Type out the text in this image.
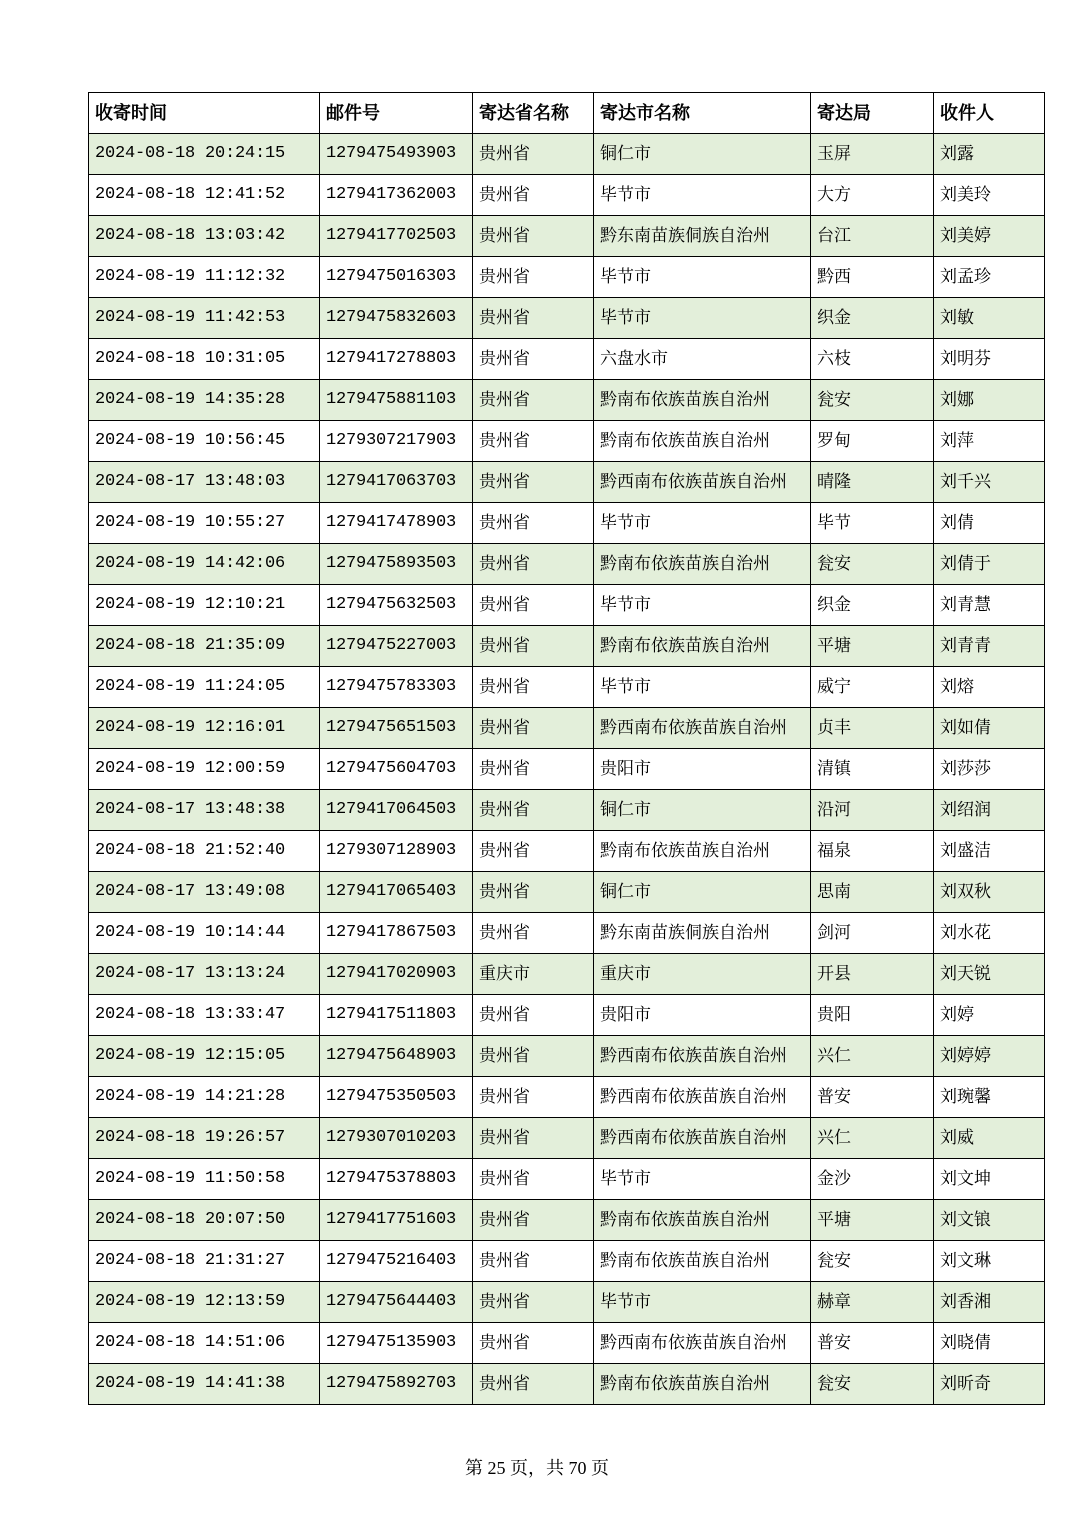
收寄时间	邮件号	寄达省名称	寄达市名称	寄达局	收件人
2024-08-18 20:24:15	1279475493903	贵州省	铜仁市	玉屏	刘露
2024-08-18 12:41:52	1279417362003	贵州省	毕节市	大方	刘美玲
2024-08-18 13:03:42	1279417702503	贵州省	黔东南苗族侗族自治州	台江	刘美婷
2024-08-19 11:12:32	1279475016303	贵州省	毕节市	黔西	刘孟珍
2024-08-19 11:42:53	1279475832603	贵州省	毕节市	织金	刘敏
2024-08-18 10:31:05	1279417278803	贵州省	六盘水市	六枝	刘明芬
2024-08-19 14:35:28	1279475881103	贵州省	黔南布依族苗族自治州	瓮安	刘娜
2024-08-19 10:56:45	1279307217903	贵州省	黔南布依族苗族自治州	罗甸	刘萍
2024-08-17 13:48:03	1279417063703	贵州省	黔西南布依族苗族自治州	晴隆	刘千兴
2024-08-19 10:55:27	1279417478903	贵州省	毕节市	毕节	刘倩
2024-08-19 14:42:06	1279475893503	贵州省	黔南布依族苗族自治州	瓮安	刘倩于
2024-08-19 12:10:21	1279475632503	贵州省	毕节市	织金	刘青慧
2024-08-18 21:35:09	1279475227003	贵州省	黔南布依族苗族自治州	平塘	刘青青
2024-08-19 11:24:05	1279475783303	贵州省	毕节市	威宁	刘熔
2024-08-19 12:16:01	1279475651503	贵州省	黔西南布依族苗族自治州	贞丰	刘如倩
2024-08-19 12:00:59	1279475604703	贵州省	贵阳市	清镇	刘莎莎
2024-08-17 13:48:38	1279417064503	贵州省	铜仁市	沿河	刘绍润
2024-08-18 21:52:40	1279307128903	贵州省	黔南布依族苗族自治州	福泉	刘盛洁
2024-08-17 13:49:08	1279417065403	贵州省	铜仁市	思南	刘双秋
2024-08-19 10:14:44	1279417867503	贵州省	黔东南苗族侗族自治州	剑河	刘水花
2024-08-17 13:13:24	1279417020903	重庆市	重庆市	开县	刘天锐
2024-08-18 13:33:47	1279417511803	贵州省	贵阳市	贵阳	刘婷
2024-08-19 12:15:05	1279475648903	贵州省	黔西南布依族苗族自治州	兴仁	刘婷婷
2024-08-19 14:21:28	1279475350503	贵州省	黔西南布依族苗族自治州	普安	刘琬馨
2024-08-18 19:26:57	1279307010203	贵州省	黔西南布依族苗族自治州	兴仁	刘威
2024-08-19 11:50:58	1279475378803	贵州省	毕节市	金沙	刘文坤
2024-08-18 20:07:50	1279417751603	贵州省	黔南布依族苗族自治州	平塘	刘文锒
2024-08-18 21:31:27	1279475216403	贵州省	黔南布依族苗族自治州	瓮安	刘文琳
2024-08-19 12:13:59	1279475644403	贵州省	毕节市	赫章	刘香湘
2024-08-18 14:51:06	1279475135903	贵州省	黔西南布依族苗族自治州	普安	刘晓倩
2024-08-19 14:41:38	1279475892703	贵州省	黔南布依族苗族自治州	瓮安	刘昕奇
第 25 页，共 70 页
